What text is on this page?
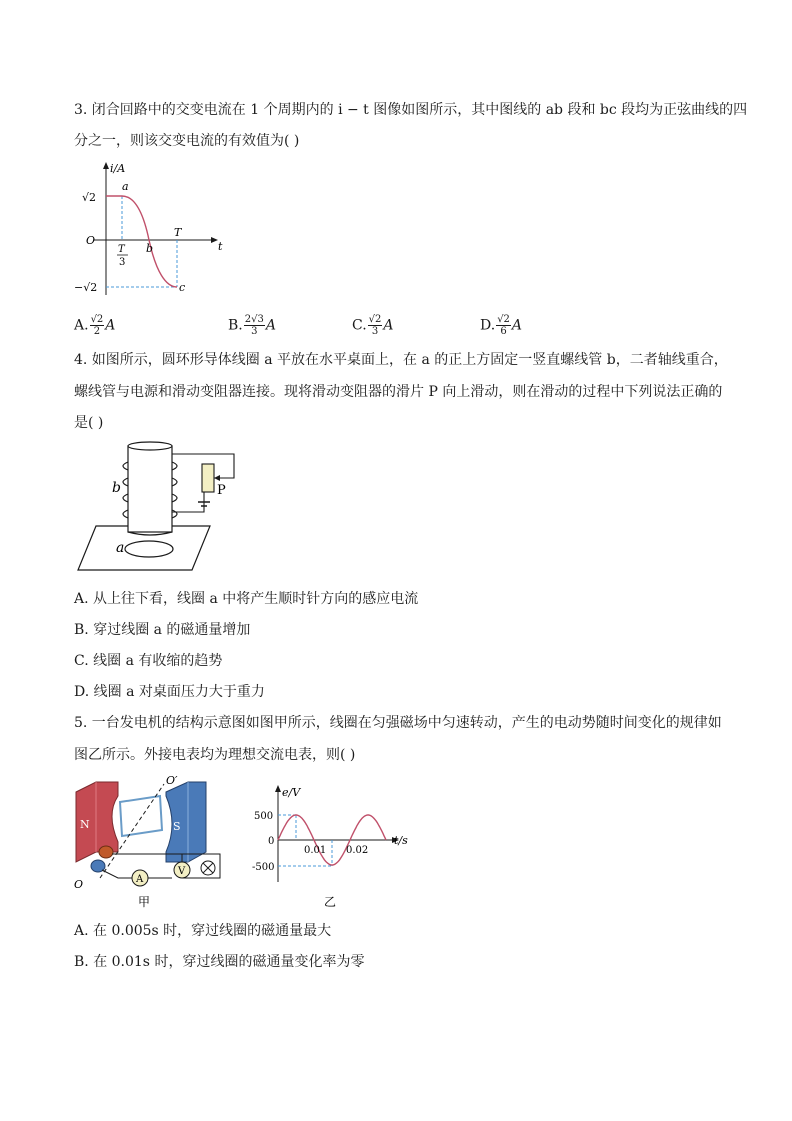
3. 闭合回路中的交变电流在 1 个周期内的 i − t 图像如图所示，其中图线的 ab 段和 bc 段均为正弦曲线的四
分之一，则该交变电流的有效值为( )
i/A
t
O
√2
−√2
a
b
c
T
T
3
A. $\frac{√2}{2}$ A	B. $\frac{2√3}{3}$ A	C. $\frac{√2}{3}$ A	D. $\frac{√2}{6}$ A
4. 如图所示，圆环形导体线圈 a 平放在水平桌面上，在 a 的正上方固定一竖直螺线管 b，二者轴线重合，
螺线管与电源和滑动变阻器连接。现将滑动变阻器的滑片 P 向上滑动，则在滑动的过程中下列说法正确的
是( )
b
a
P
A. 从上往下看，线圈 a 中将产生顺时针方向的感应电流
B. 穿过线圈 a 的磁通量增加
C. 线圈 a 有收缩的趋势
D. 线圈 a 对桌面压力大于重力
5. 一台发电机的结构示意图如图甲所示，线圈在匀强磁场中匀速转动，产生的电动势随时间变化的规律如
图乙所示。外接电表均为理想交流电表，则( )
N	S
O′
O	A
V
甲
e/V
t/s
0
500
-500
0.01 0.02
乙
A. 在 0.005s 时，穿过线圈的磁通量最大
B. 在 0.01s 时，穿过线圈的磁通量变化率为零
